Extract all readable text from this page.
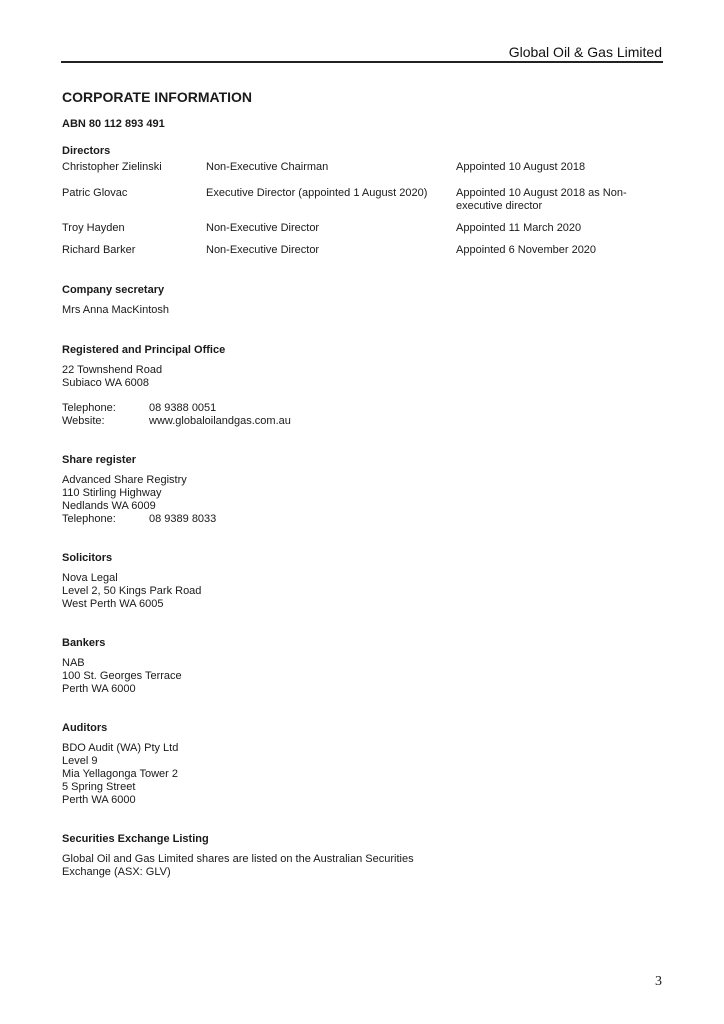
Global Oil & Gas Limited
CORPORATE INFORMATION
ABN 80 112 893 491
Directors
Christopher Zielinski	Non-Executive Chairman	Appointed 10 August 2018
Patric Glovac	Executive Director (appointed 1 August 2020)	Appointed 10 August 2018 as Non-
executive director
Troy Hayden	Non-Executive Director	Appointed 11 March 2020
Richard Barker	Non-Executive Director	Appointed 6 November 2020
Company secretary
Mrs Anna MacKintosh
Registered and Principal Office
22 Townshend Road
Subiaco WA 6008
Telephone:	08 9388 0051
Website:	www.globaloilandgas.com.au
Share register
Advanced Share Registry
110 Stirling Highway
Nedlands WA 6009
Telephone:	08 9389 8033
Solicitors
Nova Legal
Level 2, 50 Kings Park Road
West Perth WA 6005
Bankers
NAB
100 St. Georges Terrace
Perth WA 6000
Auditors
BDO Audit (WA) Pty Ltd
Level 9
Mia Yellagonga Tower 2
5 Spring Street
Perth WA 6000
Securities Exchange Listing
Global Oil and Gas Limited shares are listed on the Australian Securities
Exchange (ASX: GLV)
3
